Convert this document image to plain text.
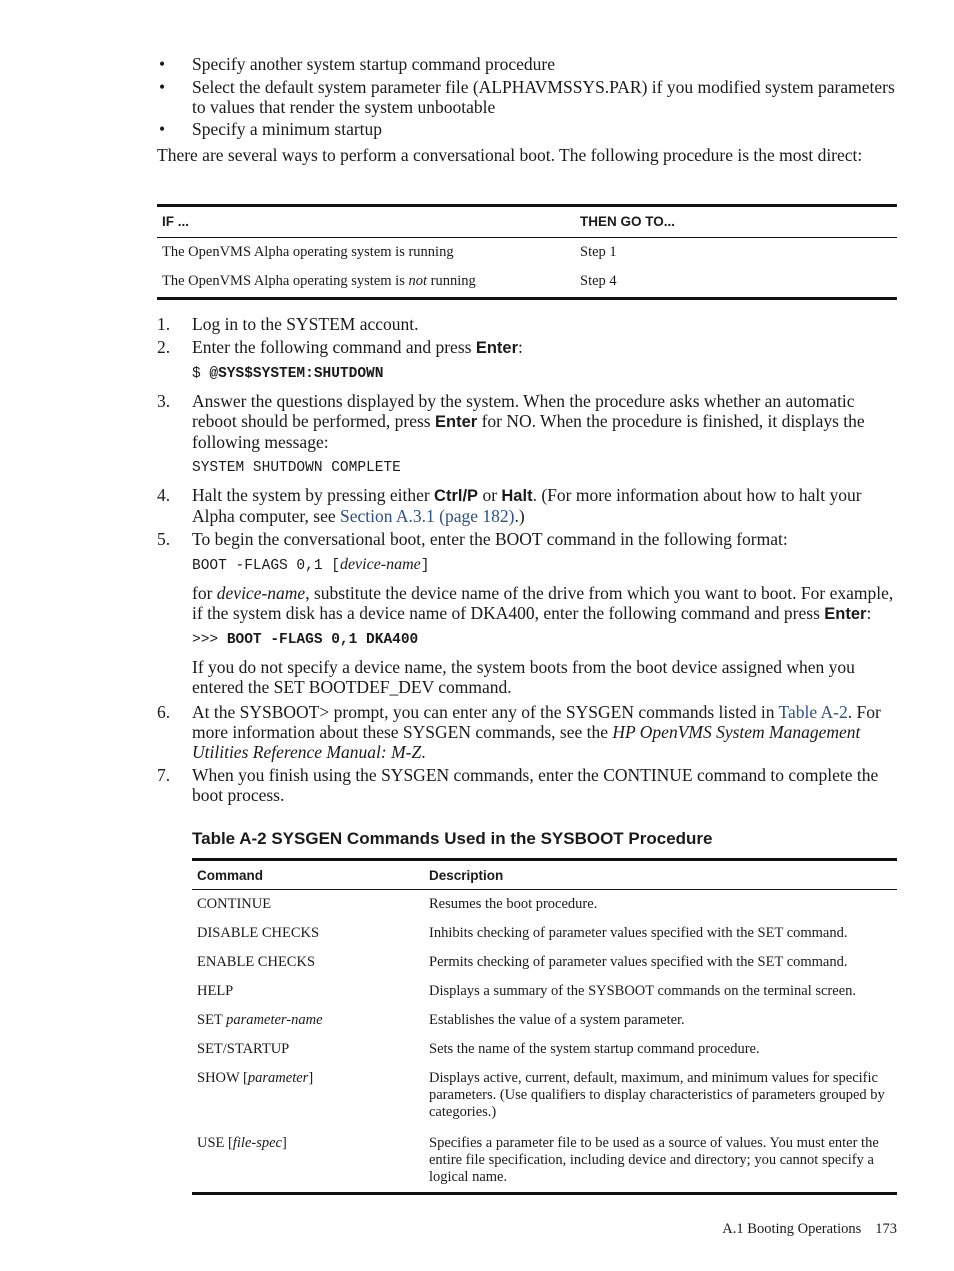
• Specify another system startup command procedure
• Select the default system parameter file (ALPHAVMSSYS.PAR) if you modified system parameters to values that render the system unbootable
• Specify a minimum startup

There are several ways to perform a conversational boot. The following procedure is the most direct:

IF ...	THEN GO TO...
The OpenVMS Alpha operating system is running	Step 1
The OpenVMS Alpha operating system is not running	Step 4
1. Log in to the SYSTEM account.
2. Enter the following command and press Enter:
$ @SYS$SYSTEM:SHUTDOWN
3. Answer the questions displayed by the system. When the procedure asks whether an automatic reboot should be performed, press Enter for NO. When the procedure is finished, it displays the following message:
SYSTEM SHUTDOWN COMPLETE
4. Halt the system by pressing either Ctrl/P or Halt. (For more information about how to halt your Alpha computer, see Section A.3.1 (page 182).)
5. To begin the conversational boot, enter the BOOT command in the following format:
BOOT -FLAGS 0,1 [device-name]
for device-name, substitute the device name of the drive from which you want to boot. For example, if the system disk has a device name of DKA400, enter the following command and press Enter:
>>> BOOT -FLAGS 0,1 DKA400
If you do not specify a device name, the system boots from the boot device assigned when you entered the SET BOOTDEF_DEV command.
6. At the SYSBOOT> prompt, you can enter any of the SYSGEN commands listed in Table A-2. For more information about these SYSGEN commands, see the HP OpenVMS System Management Utilities Reference Manual: M-Z.
7. When you finish using the SYSGEN commands, enter the CONTINUE command to complete the boot process.

Table A-2 SYSGEN Commands Used in the SYSBOOT Procedure

Command	Description
CONTINUE	Resumes the boot procedure.
DISABLE CHECKS	Inhibits checking of parameter values specified with the SET command.
ENABLE CHECKS	Permits checking of parameter values specified with the SET command.
HELP	Displays a summary of the SYSBOOT commands on the terminal screen.
SET parameter-name	Establishes the value of a system parameter.
SET/STARTUP	Sets the name of the system startup command procedure.
SHOW [parameter]	Displays active, current, default, maximum, and minimum values for specific parameters. (Use qualifiers to display characteristics of parameters grouped by categories.)
USE [file-spec]	Specifies a parameter file to be used as a source of values. You must enter the entire file specification, including device and directory; you cannot specify a logical name.
A.1 Booting Operations 173
